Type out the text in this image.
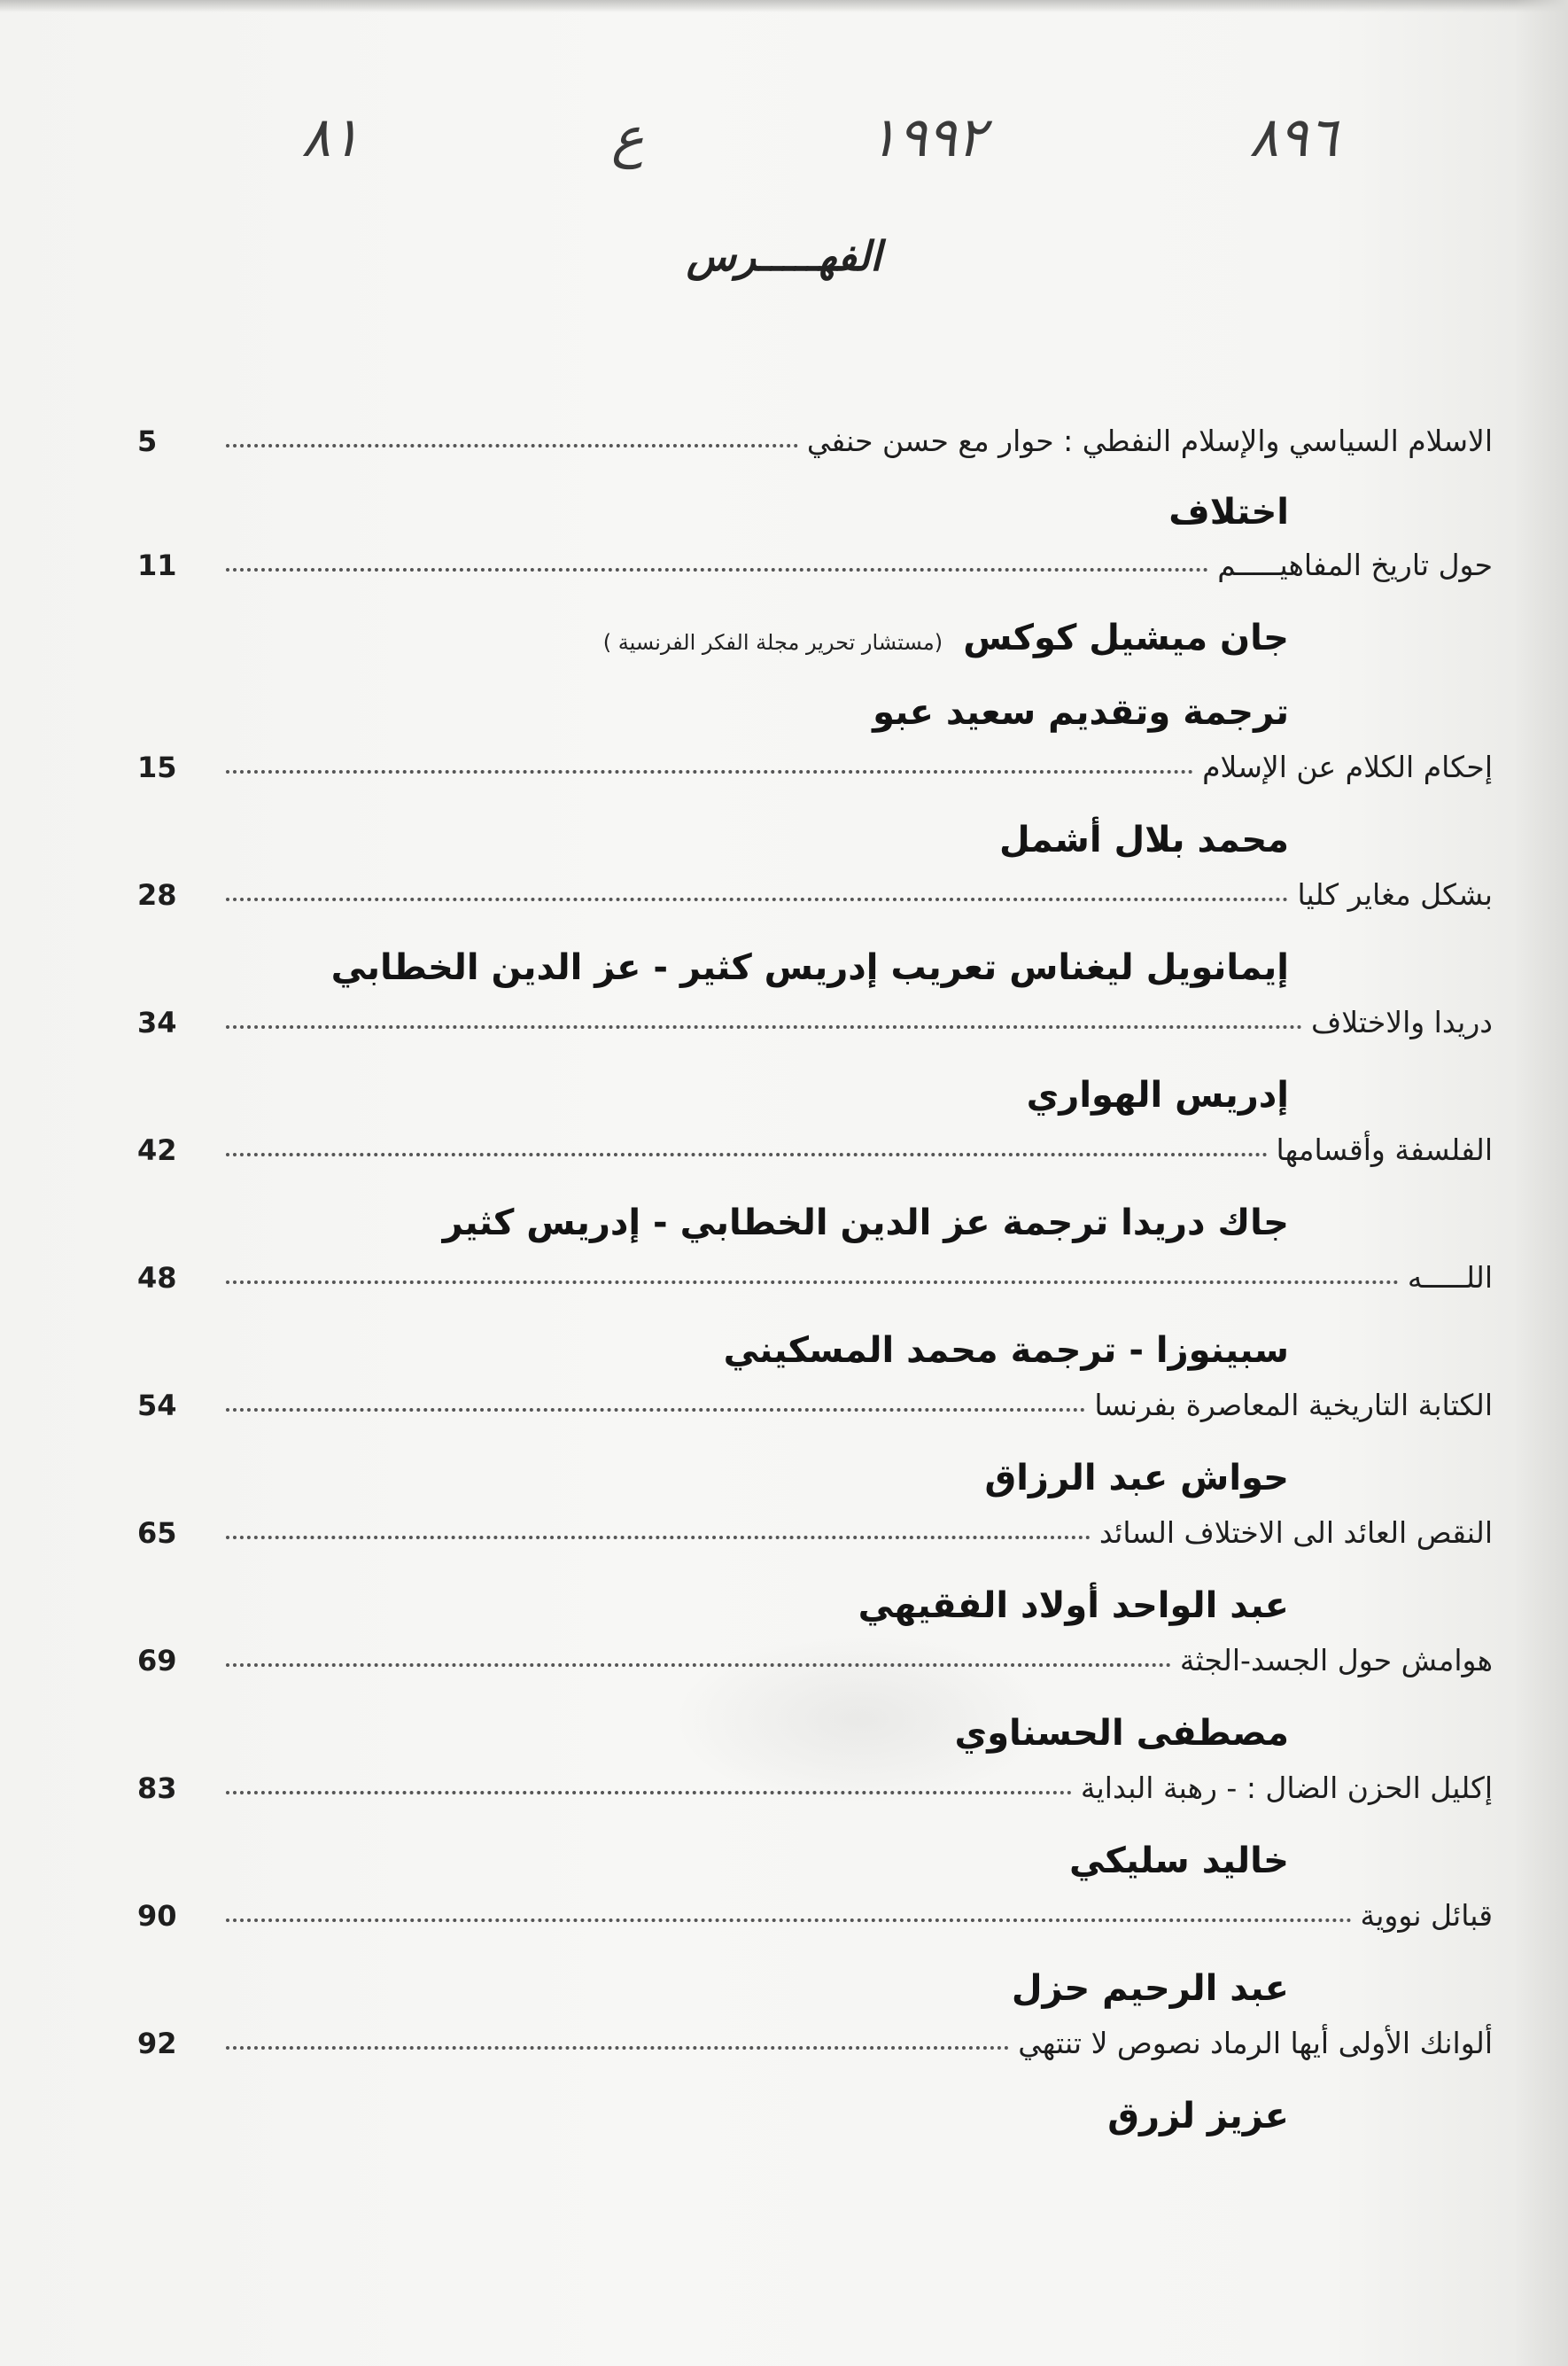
٨٩٦
١٩٩٢
ع
٨١
الفهـــــرس
الاسلام السياسي والإسلام النفطي : حوار مع حسن حنفي
5
اختلاف
حول تاريخ المفاهيـــــم
11
جان ميشيل كوكس (مستشار تحرير مجلة الفكر الفرنسية )
ترجمة وتقديم سعيد عبو
إحكام الكلام عن الإسلام
15
محمد بلال أشمل
بشكل مغاير كليا
28
إيمانويل ليغناس تعريب إدريس كثير - عز الدين الخطابي
دريدا والاختلاف
34
إدريس الهواري
الفلسفة وأقسامها
42
جاك دريدا ترجمة عز الدين الخطابي - إدريس كثير
اللـــــه
48
سبينوزا - ترجمة محمد المسكيني
الكتابة التاريخية المعاصرة بفرنسا
54
حواش عبد الرزاق
النقص العائد الى الاختلاف السائد
65
عبد الواحد أولاد الفقيهي
هوامش حول الجسد-الجثة
69
مصطفى الحسناوي
إكليل الحزن الضال : - رهبة البداية
83
خاليد سليكي
قبائل نووية
90
عبد الرحيم حزل
ألوانك الأولى أيها الرماد نصوص لا تنتهي
92
عزيز لزرق
